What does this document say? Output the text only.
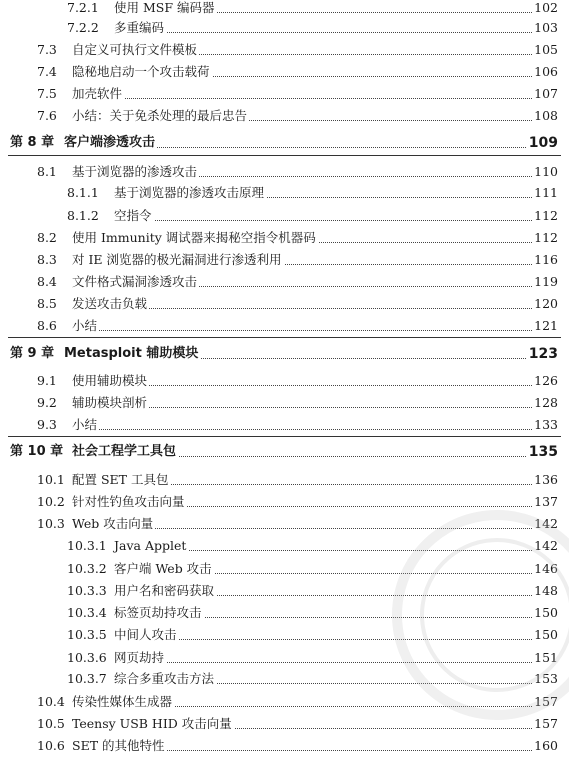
7.2.1 使用 MSF 编码器	102
7.2.2 多重编码	103
7.3 自定义可执行文件模板	105
7.4 隐秘地启动一个攻击载荷	106
7.5 加壳软件	107
7.6 小结：关于免杀处理的最后忠告	108
第 8 章 客户端渗透攻击	109
8.1 基于浏览器的渗透攻击	110
8.1.1 基于浏览器的渗透攻击原理	111
8.1.2 空指令	112
8.2 使用 Immunity 调试器来揭秘空指令机器码	112
8.3 对 IE 浏览器的极光漏洞进行渗透利用	116
8.4 文件格式漏洞渗透攻击	119
8.5 发送攻击负载	120
8.6 小结	121
第 9 章 Metasploit 辅助模块	123
9.1 使用辅助模块	126
9.2 辅助模块剖析	128
9.3 小结	133
第 10 章 社会工程学工具包	135
10.1 配置 SET 工具包	136
10.2 针对性钓鱼攻击向量	137
10.3 Web 攻击向量	142
10.3.1 Java Applet	142
10.3.2 客户端 Web 攻击	146
10.3.3 用户名和密码获取	148
10.3.4 标签页劫持攻击	150
10.3.5 中间人攻击	150
10.3.6 网页劫持	151
10.3.7 综合多重攻击方法	153
10.4 传染性媒体生成器	157
10.5 Teensy USB HID 攻击向量	157
10.6 SET 的其他特性	160
